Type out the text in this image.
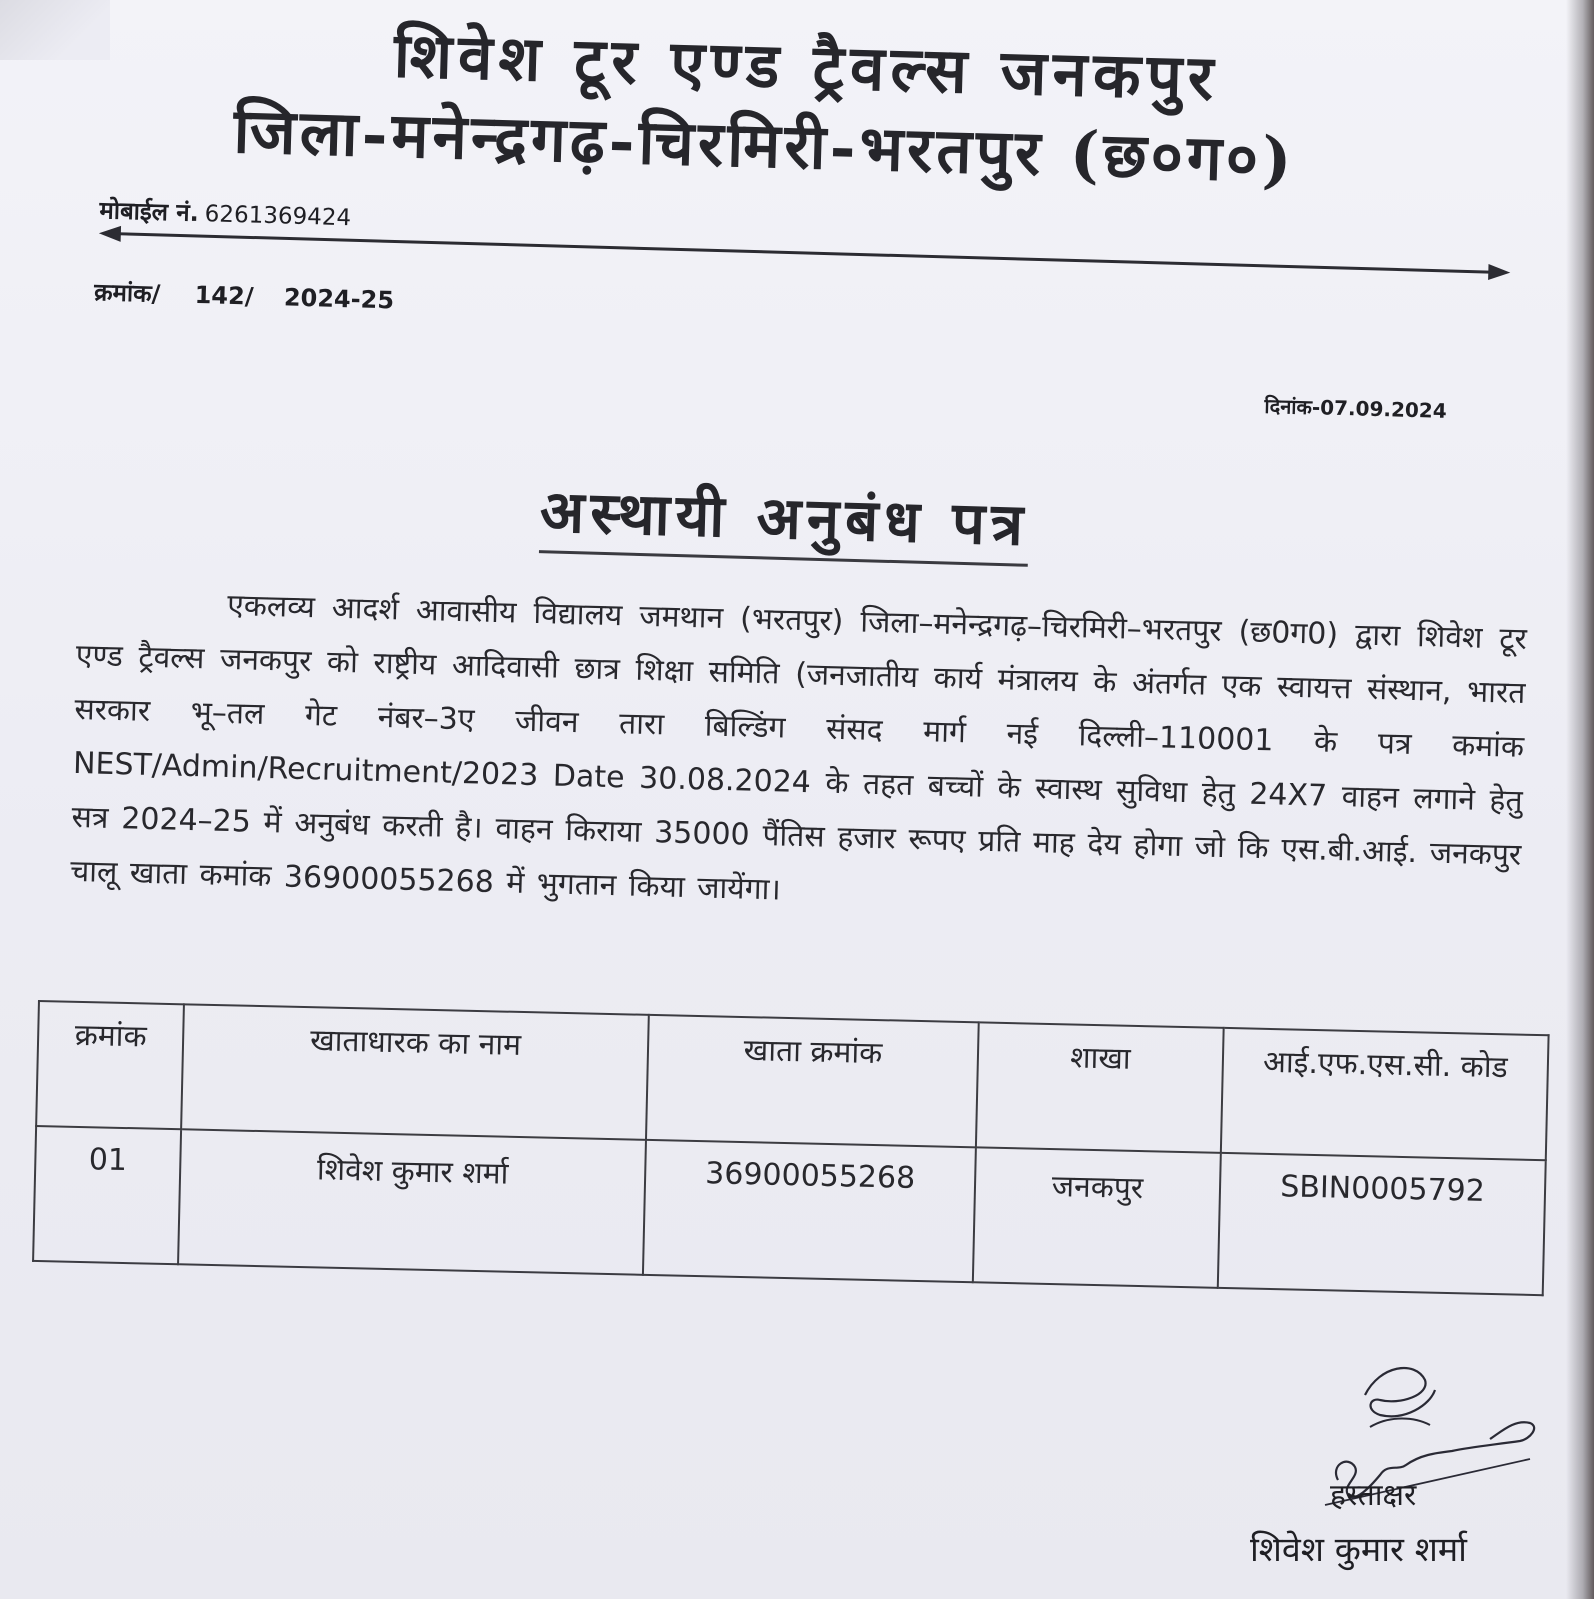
शिवेश टूर एण्ड ट्रैवल्स जनकपुर
जिला-मनेन्द्रगढ़-चिरमिरी-भरतपुर (छ०ग०)
मोबाईल नं. 6261369424
क्रमांक/ 142/ 2024-25
दिनांक-07.09.2024
अस्थायी अनुबंध पत्र

एकलव्य आदर्श आवासीय विद्यालय जमथान (भरतपुर) जिला–मनेन्द्रगढ़–चिरमिरी–भरतपुर (छ0ग0) द्वारा शिवेश टूर एण्ड ट्रैवल्स जनकपुर को राष्ट्रीय आदिवासी छात्र शिक्षा समिति (जनजातीय कार्य मंत्रालय के अंतर्गत एक स्वायत्त संस्थान, भारत सरकार भू–तल गेट नंबर–3ए जीवन तारा बिल्डिंग संसद मार्ग नई दिल्ली–110001 के पत्र कमांक NEST/Admin/Recruitment/2023 Date 30.08.2024 के तहत बच्चों के स्वास्थ सुविधा हेतु 24X7 वाहन लगाने हेतु सत्र 2024–25 में अनुबंध करती है। वाहन किराया 35000 पैंतिस हजार रूपए प्रति माह देय होगा जो कि एस.बी.आई. जनकपुर चालू खाता कमांक 36900055268 में भुगतान किया जायेंगा।

क्रमांक	खाताधारक का नाम	खाता क्रमांक	शाखा	आई.एफ.एस.सी. कोड
01	शिवेश कुमार शर्मा	36900055268	जनकपुर	SBIN0005792
हस्ताक्षर
शिवेश कुमार शर्मा
